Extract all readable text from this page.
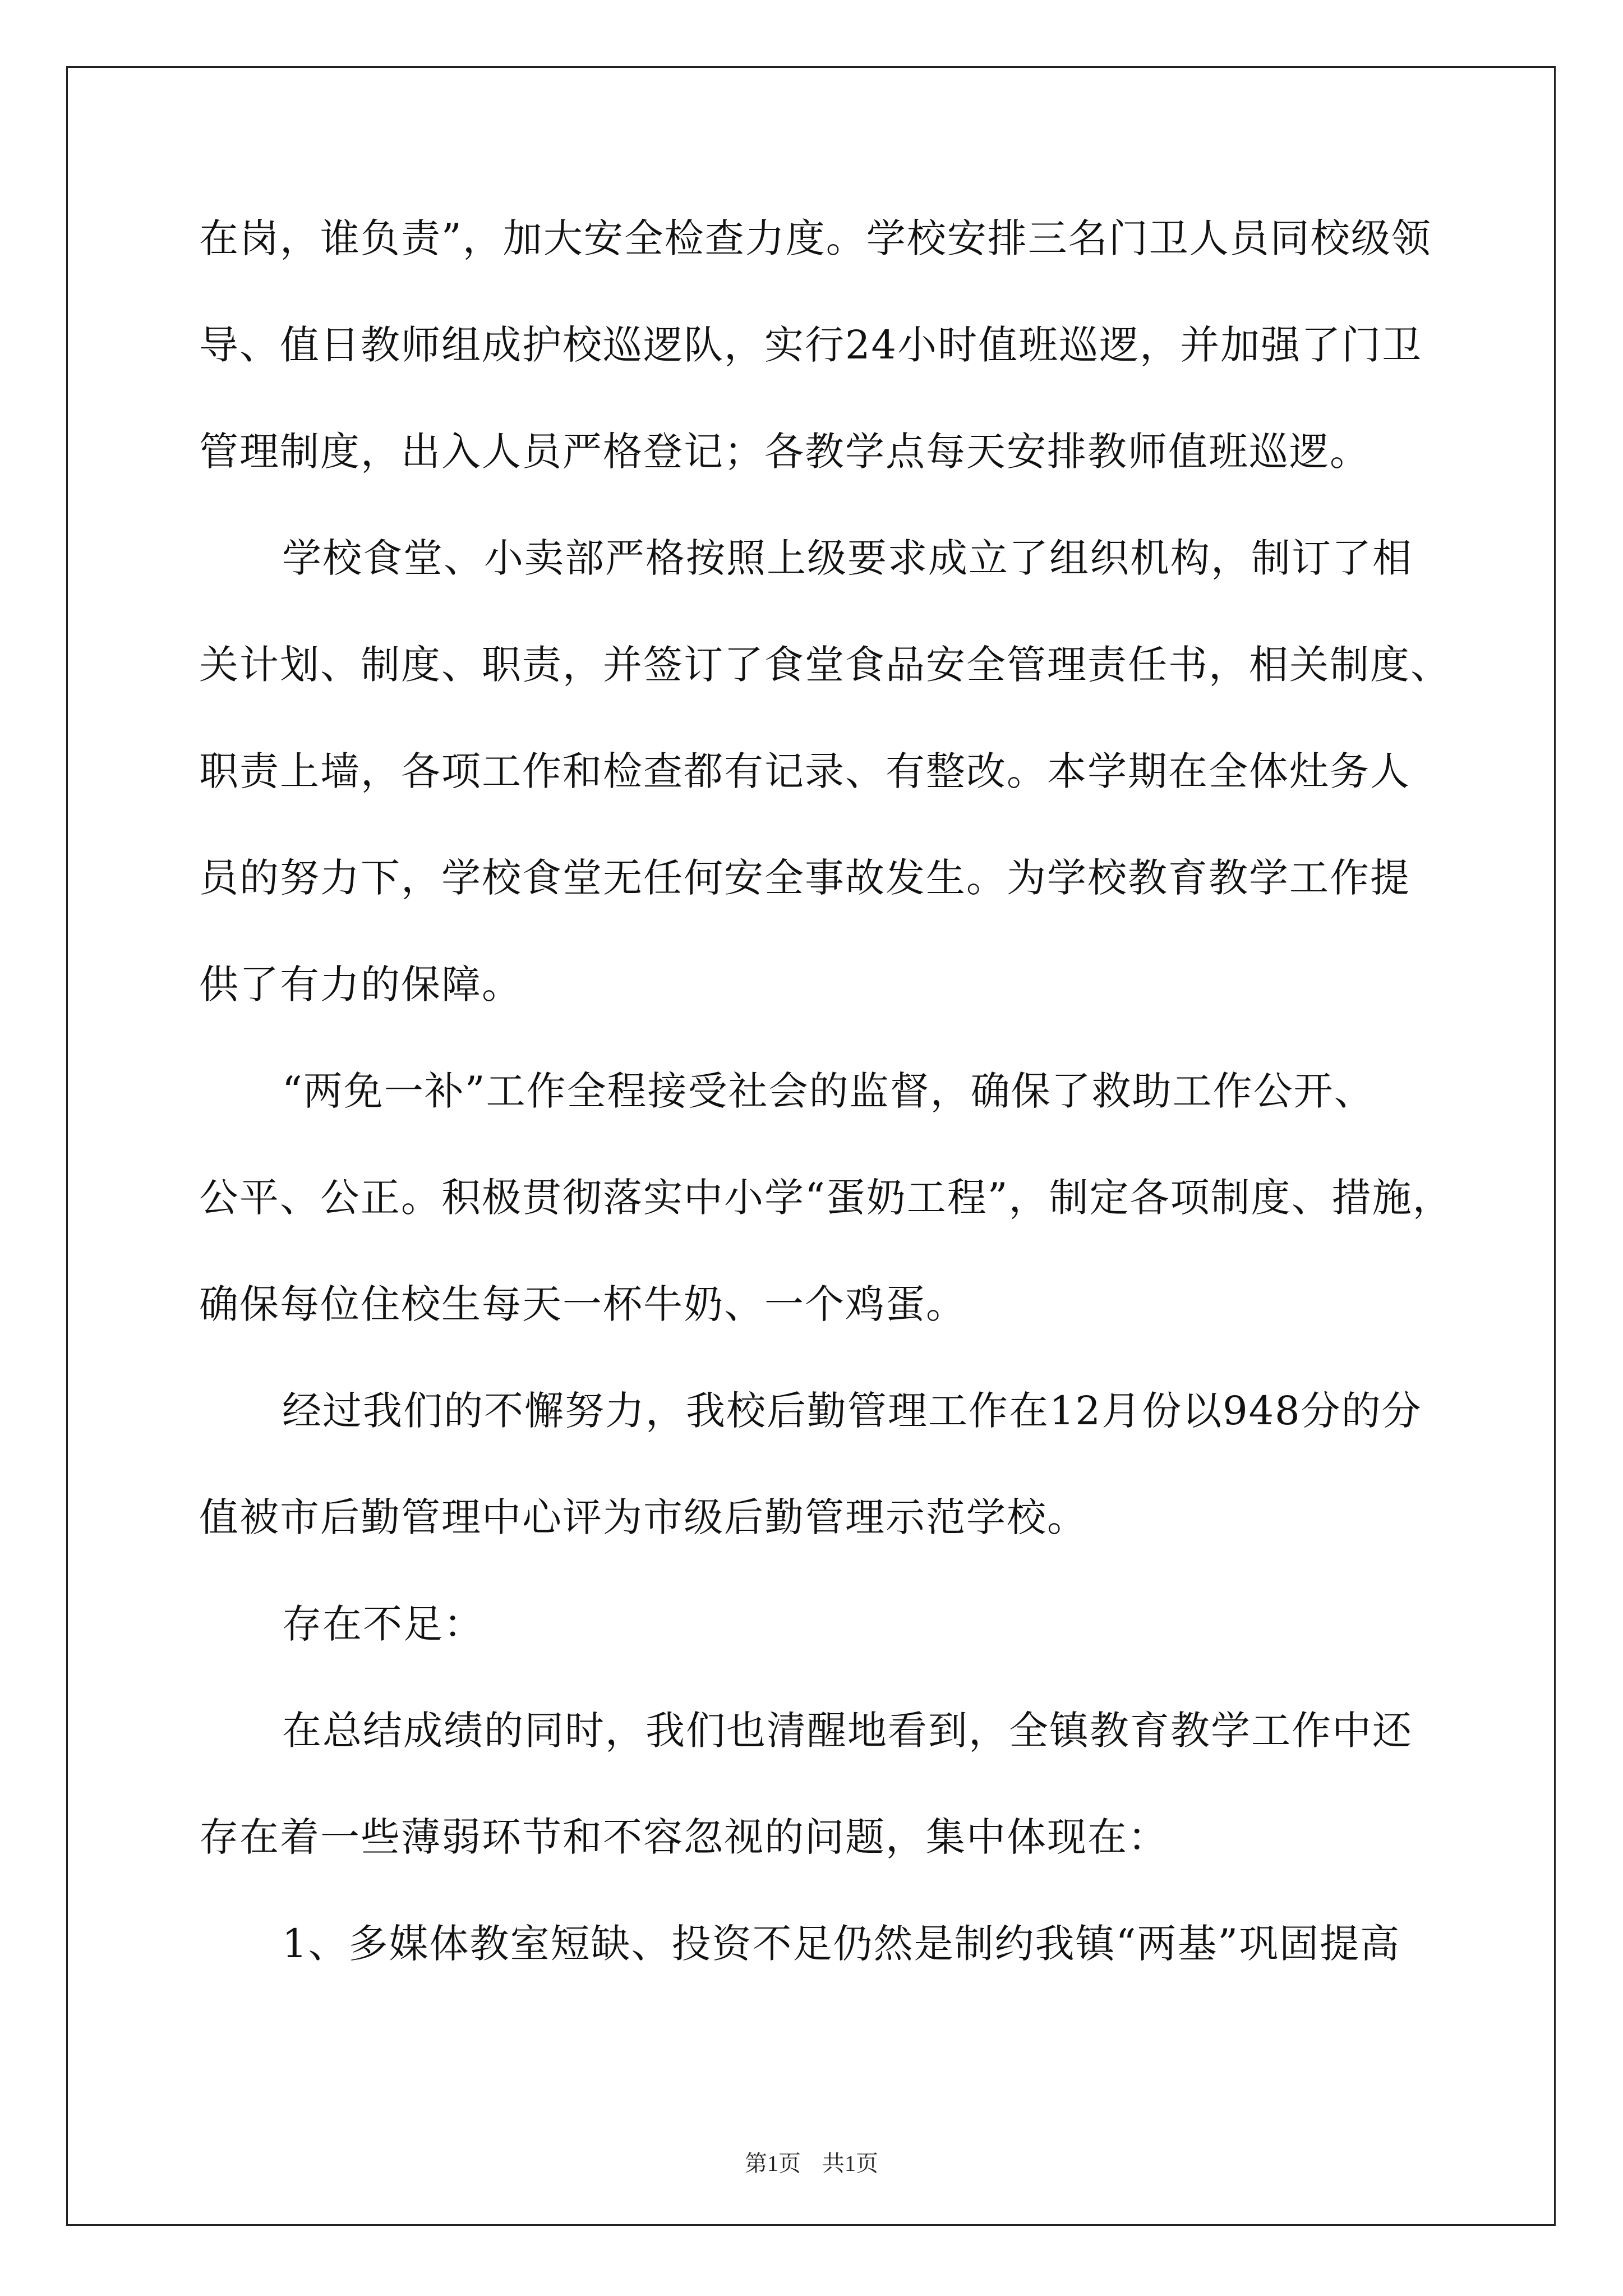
在岗，谁负责”，加大安全检查力度。学校安排三名门卫人员同校级领
导、值日教师组成护校巡逻队，实行24小时值班巡逻，并加强了门卫
管理制度，出入人员严格登记；各教学点每天安排教师值班巡逻。
学校食堂、小卖部严格按照上级要求成立了组织机构，制订了相
关计划、制度、职责，并签订了食堂食品安全管理责任书，相关制度、
职责上墙，各项工作和检查都有记录、有整改。本学期在全体灶务人
员的努力下，学校食堂无任何安全事故发生。为学校教育教学工作提
供了有力的保障。
“两免一补”工作全程接受社会的监督，确保了救助工作公开、
公平、公正。积极贯彻落实中小学“蛋奶工程”，制定各项制度、措施，
确保每位住校生每天一杯牛奶、一个鸡蛋。
经过我们的不懈努力，我校后勤管理工作在12月份以948分的分
值被市后勤管理中心评为市级后勤管理示范学校。
存在不足：
在总结成绩的同时，我们也清醒地看到，全镇教育教学工作中还
存在着一些薄弱环节和不容忽视的问题，集中体现在：
1、多媒体教室短缺、投资不足仍然是制约我镇“两基”巩固提高
第1页 共1页
